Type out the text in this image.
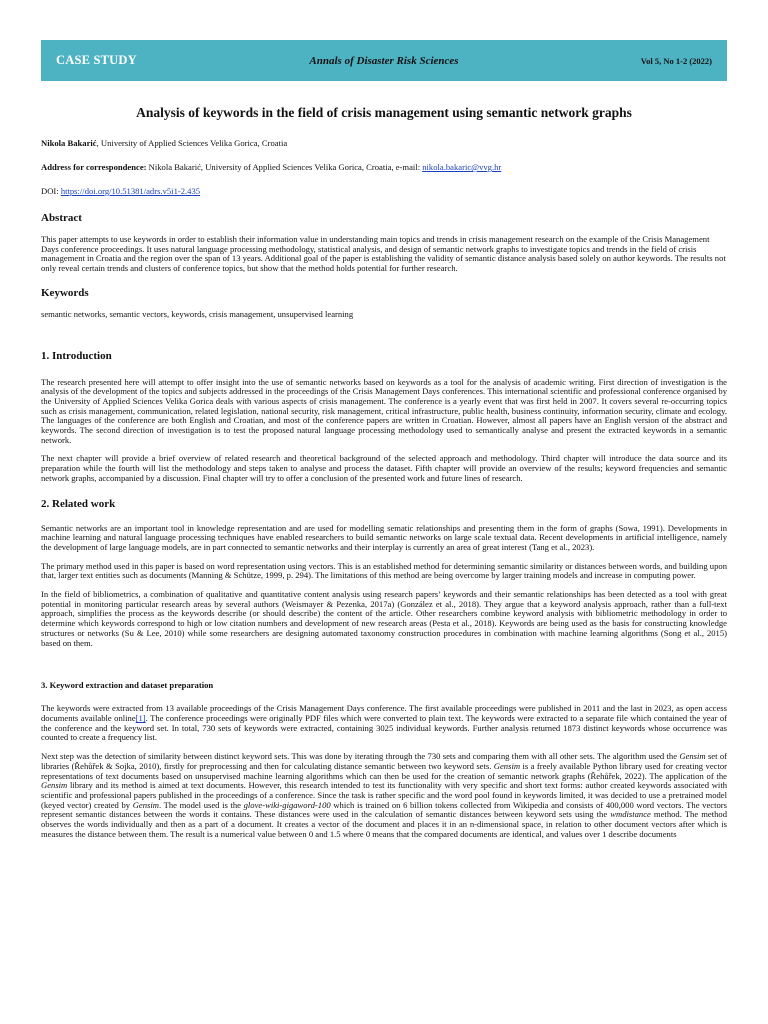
CASE STUDY	Annals of Disaster Risk Sciences	Vol 5, No 1-2 (2022)
Analysis of keywords in the field of crisis management using semantic network graphs

Nikola Bakarić, University of Applied Sciences Velika Gorica, Croatia

Address for correspondence: Nikola Bakarić, University of Applied Sciences Velika Gorica, Croatia, e-mail: nikola.bakaric@vvg.hr

DOI: https://doi.org/10.51381/adrs.v5i1-2.435

Abstract

This paper attempts to use keywords in order to establish their information value in understanding main topics and trends in crisis management research on the example of the Crisis Management Days conference proceedings. It uses natural language processing methodology, statistical analysis, and design of semantic network graphs to investigate topics and trends in the field of crisis management in Croatia and the region over the span of 13 years. Additional goal of the paper is establishing the validity of semantic distance analysis based solely on author keywords. The results not only reveal certain trends and clusters of conference topics, but show that the method holds potential for further research.

Keywords

semantic networks, semantic vectors, keywords, crisis management, unsupervised learning

1. Introduction

The research presented here will attempt to offer insight into the use of semantic networks based on keywords as a tool for the analysis of academic writing. First direction of investigation is the analysis of the development of the topics and subjects addressed in the proceedings of the Crisis Management Days conferences. This international scientific and professional conference organised by the University of Applied Sciences Velika Gorica deals with various aspects of crisis management. The conference is a yearly event that was first held in 2007. It covers several re-occurring topics such as crisis management, communication, related legislation, national security, risk management, critical infrastructure, public health, business continuity, information security, climate and ecology. The languages of the conference are both English and Croatian, and most of the conference papers are written in Croatian. However, almost all papers have an English version of the abstract and keywords. The second direction of investigation is to test the proposed natural language processing methodology used to semantically analyse and present the extracted keywords in a semantic network.

The next chapter will provide a brief overview of related research and theoretical background of the selected approach and methodology. Third chapter will introduce the data source and its preparation while the fourth will list the methodology and steps taken to analyse and process the dataset. Fifth chapter will provide an overview of the results; keyword frequencies and semantic network graphs, accompanied by a discussion. Final chapter will try to offer a conclusion of the presented work and future lines of research.

2. Related work

Semantic networks are an important tool in knowledge representation and are used for modelling sematic relationships and presenting them in the form of graphs (Sowa, 1991). Developments in machine learning and natural language processing techniques have enabled researchers to build semantic networks on large scale textual data. Recent developments in artificial intelligence, namely the development of large language models, are in part connected to semantic networks and their interplay is currently an area of great interest (Tang et al., 2023).

The primary method used in this paper is based on word representation using vectors. This is an established method for determining semantic similarity or distances between words, and building upon that, larger text entities such as documents (Manning & Schütze, 1999, p. 294). The limitations of this method are being overcome by larger training models and increase in computing power.

In the field of bibliometrics, a combination of qualitative and quantitative content analysis using research papers’ keywords and their semantic relationships has been detected as a tool with great potential in monitoring particular research areas by several authors (Weismayer & Pezenka, 2017a) (González et al., 2018). They argue that a keyword analysis approach, rather than a full-text approach, simplifies the process as the keywords describe (or should describe) the content of the article. Other researchers combine keyword analysis with bibliometric methodology in order to determine which keywords correspond to high or low citation numbers and development of new research areas (Pesta et al., 2018). Keywords are being used as the basis for constructing knowledge structures or networks (Su & Lee, 2010) while some researchers are designing automated taxonomy construction procedures in combination with machine learning algorithms (Song et al., 2015) based on them.

3. Keyword extraction and dataset preparation

The keywords were extracted from 13 available proceedings of the Crisis Management Days conference. The first available proceedings were published in 2011 and the last in 2023, as open access documents available online[1]. The conference proceedings were originally PDF files which were converted to plain text. The keywords were extracted to a separate file which contained the year of the conference and the keyword set. In total, 730 sets of keywords were extracted, containing 3025 individual keywords. Further analysis returned 1873 distinct keywords whose occurrence was counted to create a frequency list.

Next step was the detection of similarity between distinct keyword sets. This was done by iterating through the 730 sets and comparing them with all other sets. The algorithm used the Gensim set of libraries (Řehůřek & Sojka, 2010), firstly for preprocessing and then for calculating distance semantic between two keyword sets. Gensim is a freely available Python library used for creating vector representations of text documents based on unsupervised machine learning algorithms which can then be used for the creation of semantic network graphs (Řehůřek, 2022). The application of the Gensim library and its method is aimed at text documents. However, this research intended to test its functionality with very specific and short text forms: author created keywords associated with scientific and professional papers published in the proceedings of a conference. Since the task is rather specific and the word pool found in keywords limited, it was decided to use a pretrained model (keyed vector) created by Gensim. The model used is the glove-wiki-gigaword-100 which is trained on 6 billion tokens collected from Wikipedia and consists of 400,000 word vectors. The vectors represent semantic distances between the words it contains. These distances were used in the calculation of semantic distances between keyword sets using the wmdistance method. The method observes the words individually and then as a part of a document. It creates a vector of the document and places it in an n-dimensional space, in relation to other document vectors after which is measures the distance between them. The result is a numerical value between 0 and 1.5 where 0 means that the compared documents are identical, and values over 1 describe documents
